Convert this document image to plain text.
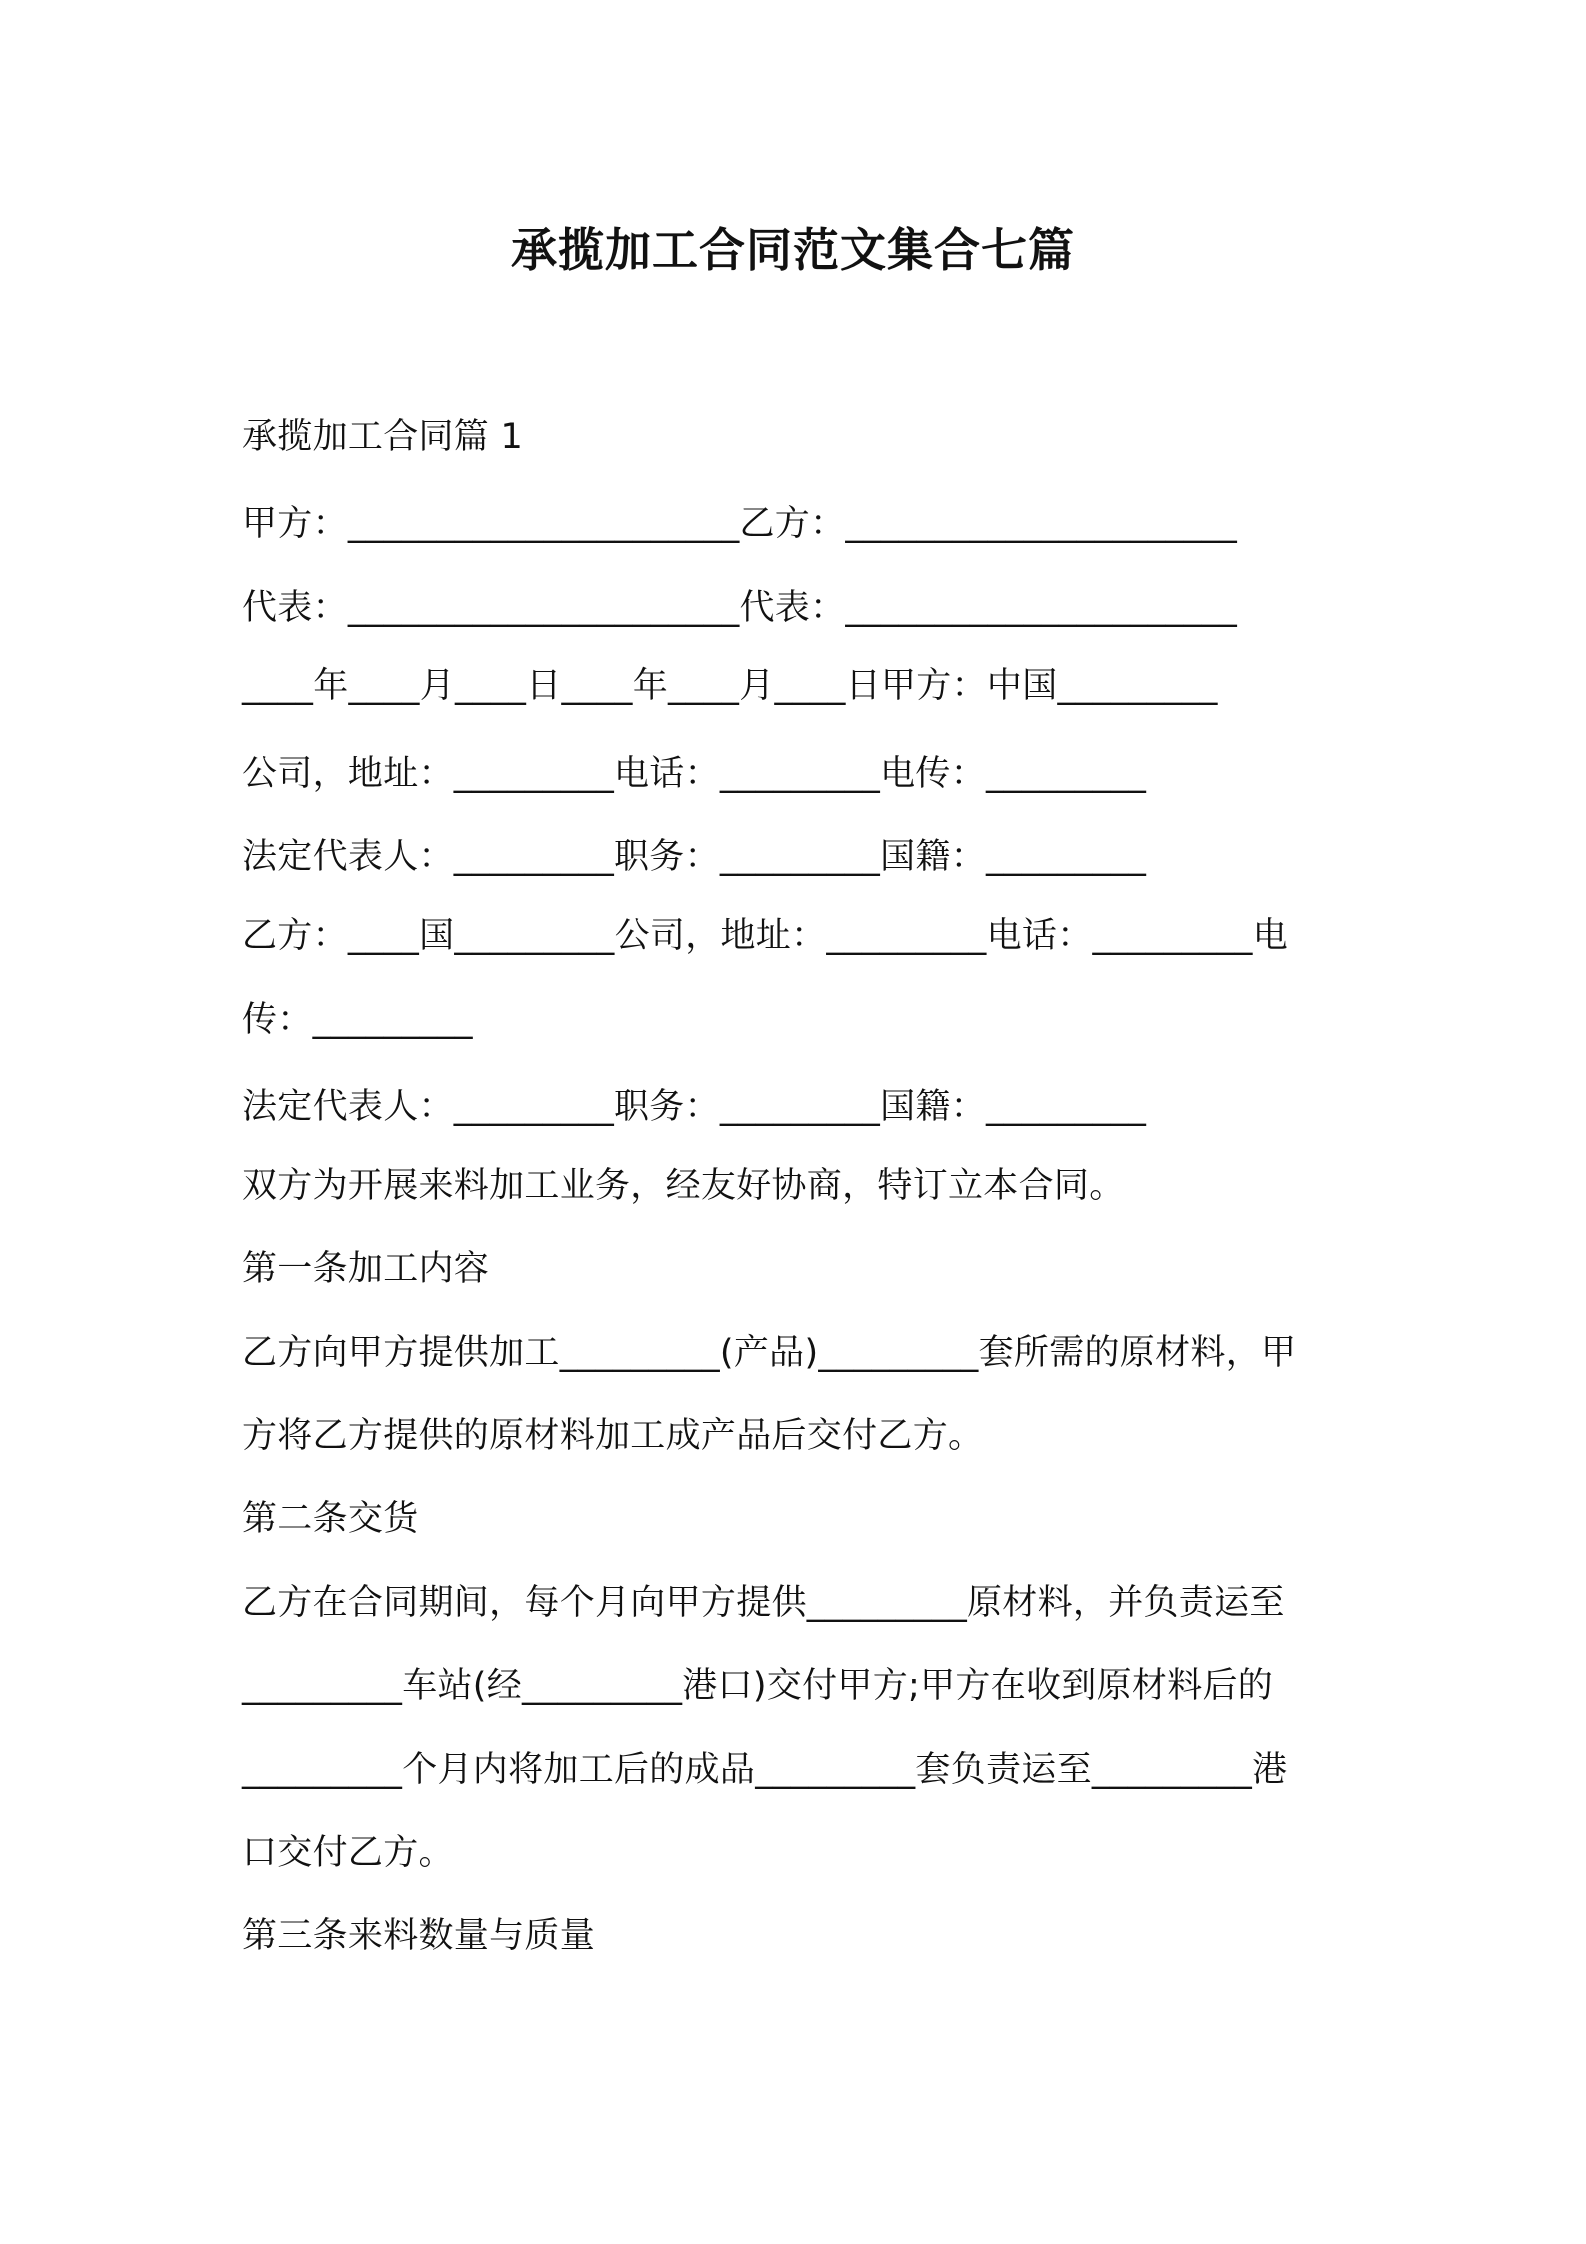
承揽加工合同范文集合七篇
承揽加工合同篇 1
甲方：______________________乙方：______________________
代表：______________________代表：______________________
____年____月____日____年____月____日甲方：中国_________
公司，地址：_________电话：_________电传：_________
法定代表人：_________职务：_________国籍：_________
乙方：____国_________公司，地址：_________电话：_________电
传：_________
法定代表人：_________职务：_________国籍：_________
双方为开展来料加工业务，经友好协商，特订立本合同。
第一条加工内容
乙方向甲方提供加工_________(产品)_________套所需的原材料，甲
方将乙方提供的原材料加工成产品后交付乙方。
第二条交货
乙方在合同期间，每个月向甲方提供_________原材料，并负责运至
_________车站(经_________港口)交付甲方;甲方在收到原材料后的
_________个月内将加工后的成品_________套负责运至_________港
口交付乙方。
第三条来料数量与质量
